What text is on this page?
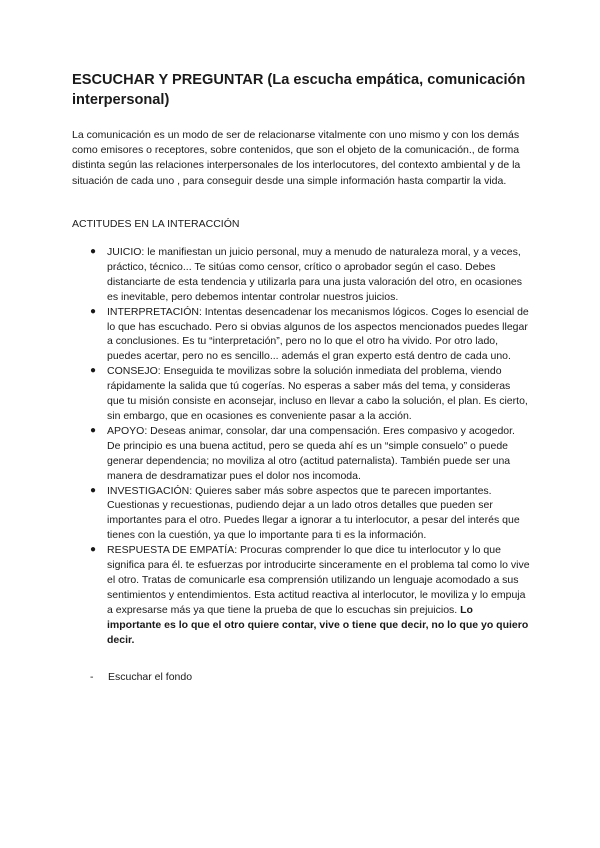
ESCUCHAR Y PREGUNTAR (La escucha empática, comunicación interpersonal)

La comunicación es un modo de ser de relacionarse vitalmente con uno mismo y con los demás como emisores o receptores, sobre contenidos, que son el objeto de la comunicación., de forma distinta según las relaciones interpersonales de los interlocutores, del contexto ambiental y de la situación de cada uno , para conseguir desde una simple información hasta compartir la vida.

ACTITUDES EN LA INTERACCIÓN

● JUICIO: le manifiestan un juicio personal, muy a menudo de naturaleza moral, y a veces, práctico, técnico... Te sitúas como censor, crítico o aprobador según el caso. Debes distanciarte de esta tendencia y utilizarla para una justa valoración del otro, en ocasiones es inevitable, pero debemos intentar controlar nuestros juicios.
● INTERPRETACIÓN: Intentas desencadenar los mecanismos lógicos. Coges lo esencial de lo que has escuchado. Pero si obvias algunos de los aspectos mencionados puedes llegar a conclusiones. Es tu “interpretación”, pero no lo que el otro ha vivido. Por otro lado, puedes acertar, pero no es sencillo... además el gran experto está dentro de cada uno.
● CONSEJO: Enseguida te movilizas sobre la solución inmediata del problema, viendo rápidamente la salida que tú cogerías. No esperas a saber más del tema, y consideras que tu misión consiste en aconsejar, incluso en llevar a cabo la solución, el plan. Es cierto, sin embargo, que en ocasiones es conveniente pasar a la acción.
● APOYO: Deseas animar, consolar, dar una compensación. Eres compasivo y acogedor. De principio es una buena actitud, pero se queda ahí es un “simple consuelo” o puede generar dependencia; no moviliza al otro (actitud paternalista). También puede ser una manera de desdramatizar pues el dolor nos incomoda.
● INVESTIGACIÓN: Quieres saber más sobre aspectos que te parecen importantes. Cuestionas y recuestionas, pudiendo dejar a un lado otros detalles que pueden ser importantes para el otro. Puedes llegar a ignorar a tu interlocutor, a pesar del interés que tienes con la cuestión, ya que lo importante para ti es la información.
● RESPUESTA DE EMPATÍA: Procuras comprender lo que dice tu interlocutor y lo que significa para él. te esfuerzas por introducirte sinceramente en el problema tal como lo vive el otro. Tratas de comunicarle esa comprensión utilizando un lenguaje acomodado a sus sentimientos y entendimientos. Esta actitud reactiva al interlocutor, le moviliza y lo empuja a expresarse más ya que tiene la prueba de que lo escuchas sin prejuicios. Lo importante es lo que el otro quiere contar, vive o tiene que decir, no lo que yo quiero decir.
- Escuchar el fondo
